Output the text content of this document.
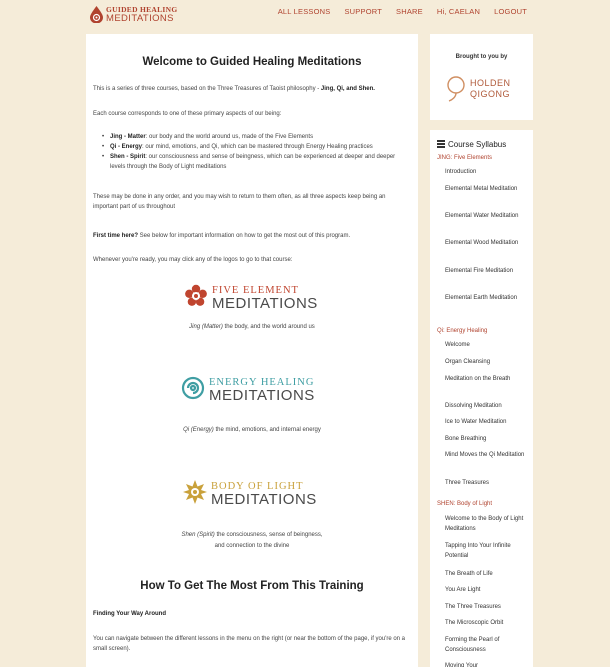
GUIDED HEALING
MEDITATIONS
ALL LESSONS SUPPORT SHARE Hi, CAELAN LOGOUT
Welcome to Guided Healing Meditations
This is a series of three courses, based on the Three Treasures of Taoist philosophy - Jing, Qi, and Shen.
Each course corresponds to one of these primary aspects of our being:
• Jing - Matter: our body and the world around us, made of the Five Elements
• Qi - Energy: our mind, emotions, and Qi, which can be mastered through Energy Healing practices
• Shen - Spirit: our consciousness and sense of beingness, which can be experienced at deeper and deeper levels through the Body of Light meditations
These may be done in any order, and you may wish to return to them often, as all three aspects keep being an important part of us throughout
First time here? See below for important information on how to get the most out of this program.
Whenever you're ready, you may click any of the logos to go to that course:
FIVE ELEMENT
MEDITATIONS
Jing (Matter) the body, and the world around us
ENERGY HEALING
MEDITATIONS
Qi (Energy) the mind, emotions, and internal energy
BODY OF LIGHT
MEDITATIONS
Shen (Spirit) the consciousness, sense of beingness,
and connection to the divine
How To Get The Most From This Training
Finding Your Way Around
You can navigate between the different lessons in the menu on the right (or near the bottom of the page, if you're on a small screen).
Brought to you by
HOLDEN
QIGONG
Course Syllabus
JING: Five Elements
Introduction
Elemental Metal Meditation
Elemental Water Meditation
Elemental Wood Meditation
Elemental Fire Meditation
Elemental Earth Meditation
Qi: Energy Healing
Welcome
Organ Cleansing
Meditation on the Breath
Dissolving Meditation
Ice to Water Meditation
Bone Breathing
Mind Moves the Qi Meditation
Three Treasures
SHEN: Body of Light
Welcome to the Body of Light Meditations
Tapping Into Your Infinite Potential
The Breath of Life
You Are Light
The Three Treasures
The Microscopic Orbit
Forming the Pearl of Consciousness
Moving Your
